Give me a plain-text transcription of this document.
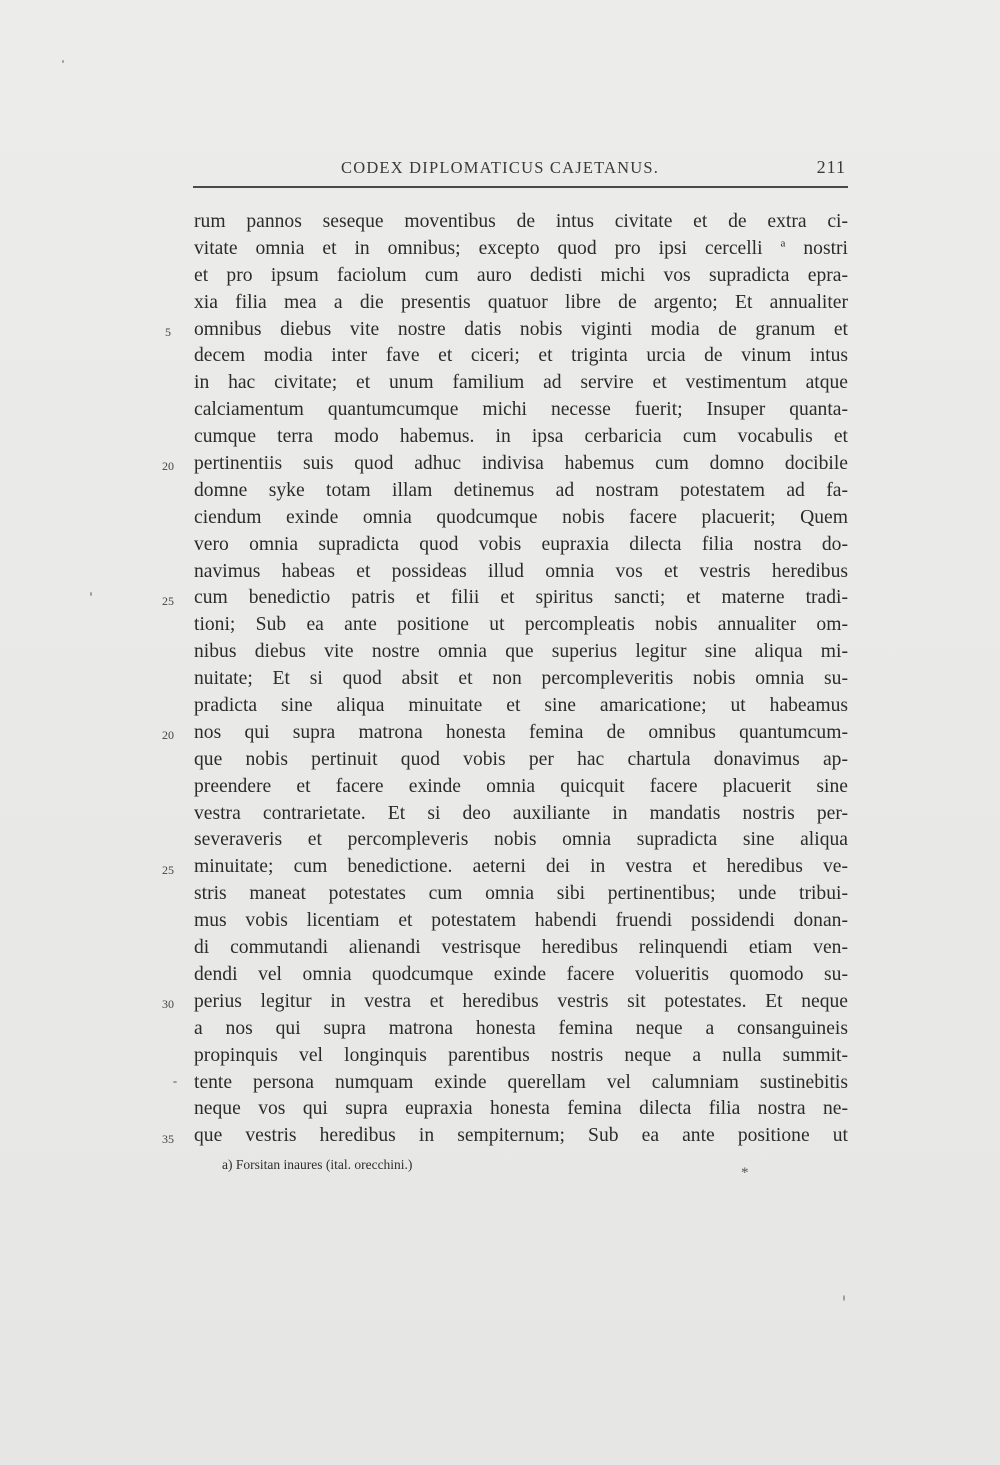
CODEX DIPLOMATICUS CAJETANUS.	211
rum pannos seseque moventibus de intus civitate et de extra ci-
vitate omnia et in omnibus; excepto quod pro ipsi cercelli $^a$ nostri
et pro ipsum faciolum cum auro dedisti michi vos supradicta epra-
xia filia mea a die presentis quatuor libre de argento; Et annualiter
omnibus diebus vite nostre datis nobis viginti modia de granum et
decem modia inter fave et ciceri; et triginta urcia de vinum intus
in hac civitate; et unum familium ad servire et vestimentum atque
calciamentum quantumcumque michi necesse fuerit; Insuper quanta-
cumque terra modo habemus. in ipsa cerbaricia cum vocabulis et
pertinentiis suis quod adhuc indivisa habemus cum domno docibile
domne syke totam illam detinemus ad nostram potestatem ad fa-
ciendum exinde omnia quodcumque nobis facere placuerit; Quem
vero omnia supradicta quod vobis eupraxia dilecta filia nostra do-
navimus habeas et possideas illud omnia vos et vestris heredibus
cum benedictio patris et filii et spiritus sancti; et materne tradi-
tioni; Sub ea ante positione ut percompleatis nobis annualiter om-
nibus diebus vite nostre omnia que superius legitur sine aliqua mi-
nuitate; Et si quod absit et non percompleveritis nobis omnia su-
pradicta sine aliqua minuitate et sine amaricatione; ut habeamus
nos qui supra matrona honesta femina de omnibus quantumcum-
que nobis pertinuit quod vobis per hac chartula donavimus ap-
preendere et facere exinde omnia quicquit facere placuerit sine
vestra contrarietate. Et si deo auxiliante in mandatis nostris per-
severaveris et percompleveris nobis omnia supradicta sine aliqua
minuitate; cum benedictione. aeterni dei in vestra et heredibus ve-
stris maneat potestates cum omnia sibi pertinentibus; unde tribui-
mus vobis licentiam et potestatem habendi fruendi possidendi donan-
di commutandi alienandi vestrisque heredibus relinquendi etiam ven-
dendi vel omnia quodcumque exinde facere volueritis quomodo su-
perius legitur in vestra et heredibus vestris sit potestates. Et neque
a nos qui supra matrona honesta femina neque a consanguineis
propinquis vel longinquis parentibus nostris neque a nulla summit-
tente persona numquam exinde querellam vel calumniam sustinebitis
neque vos qui supra eupraxia honesta femina dilecta filia nostra ne-
que vestris heredibus in sempiternum; Sub ea ante positione ut
5
20
25
20
25
30
35
a) Forsitan inaures (ital. orecchini.)
*
